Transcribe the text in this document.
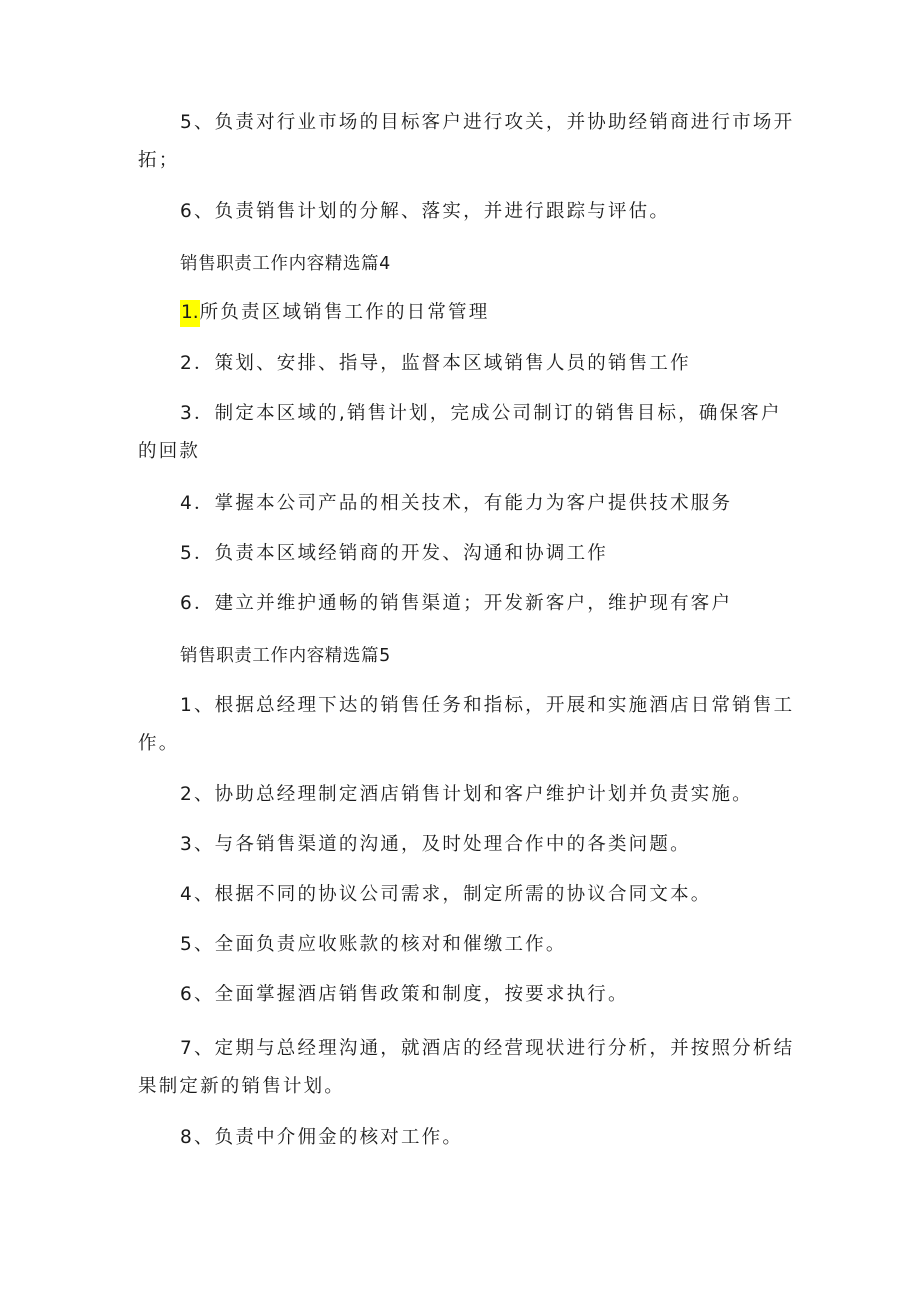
5、负责对行业市场的目标客户进行攻关，并协助经销商进行市场开拓；

6、负责销售计划的分解、落实，并进行跟踪与评估。

销售职责工作内容精选篇4

1.所负责区域销售工作的日常管理

2．策划、安排、指导，监督本区域销售人员的销售工作

3．制定本区域的,销售计划，完成公司制订的销售目标，确保客户的回款

4．掌握本公司产品的相关技术，有能力为客户提供技术服务

5．负责本区域经销商的开发、沟通和协调工作

6．建立并维护通畅的销售渠道；开发新客户，维护现有客户

销售职责工作内容精选篇5

1、根据总经理下达的销售任务和指标，开展和实施酒店日常销售工作。

2、协助总经理制定酒店销售计划和客户维护计划并负责实施。

3、与各销售渠道的沟通，及时处理合作中的各类问题。

4、根据不同的协议公司需求，制定所需的协议合同文本。

5、全面负责应收账款的核对和催缴工作。

6、全面掌握酒店销售政策和制度，按要求执行。

7、定期与总经理沟通，就酒店的经营现状进行分析，并按照分析结果制定新的销售计划。

8、负责中介佣金的核对工作。
